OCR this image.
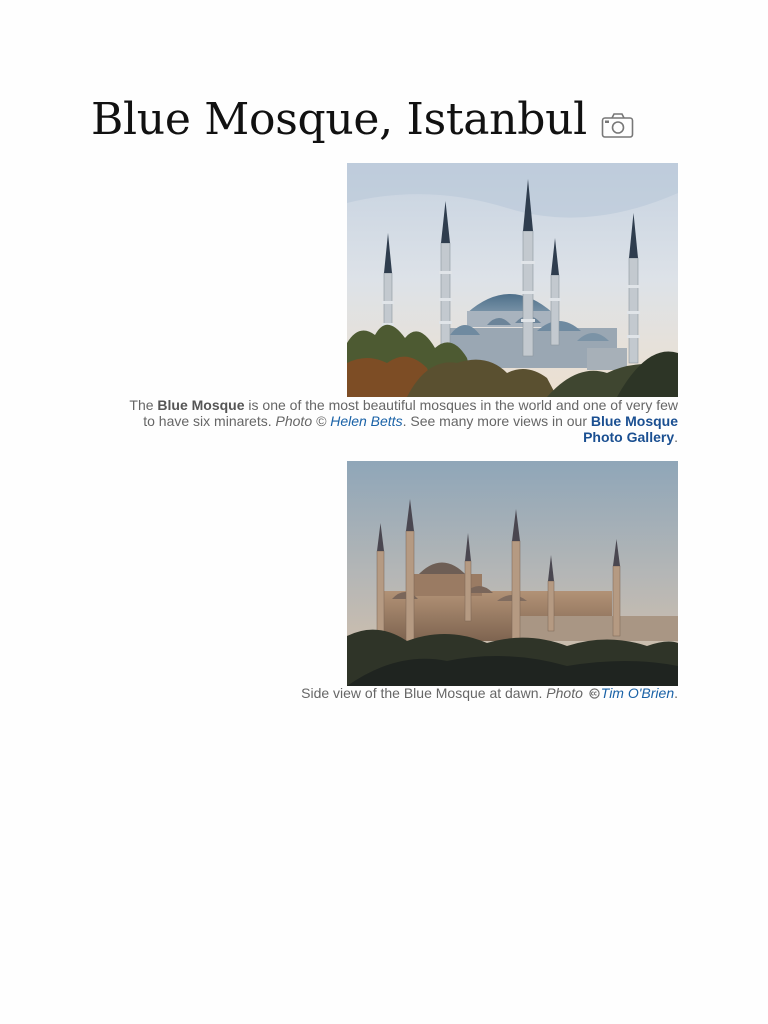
Blue Mosque, Istanbul
The Blue Mosque is one of the most beautiful mosques in the world and one of very few to have six minarets. Photo © Helen Betts. See many more views in our Blue Mosque Photo Gallery.
Side view of the Blue Mosque at dawn. Photo Tim O'Brien.
